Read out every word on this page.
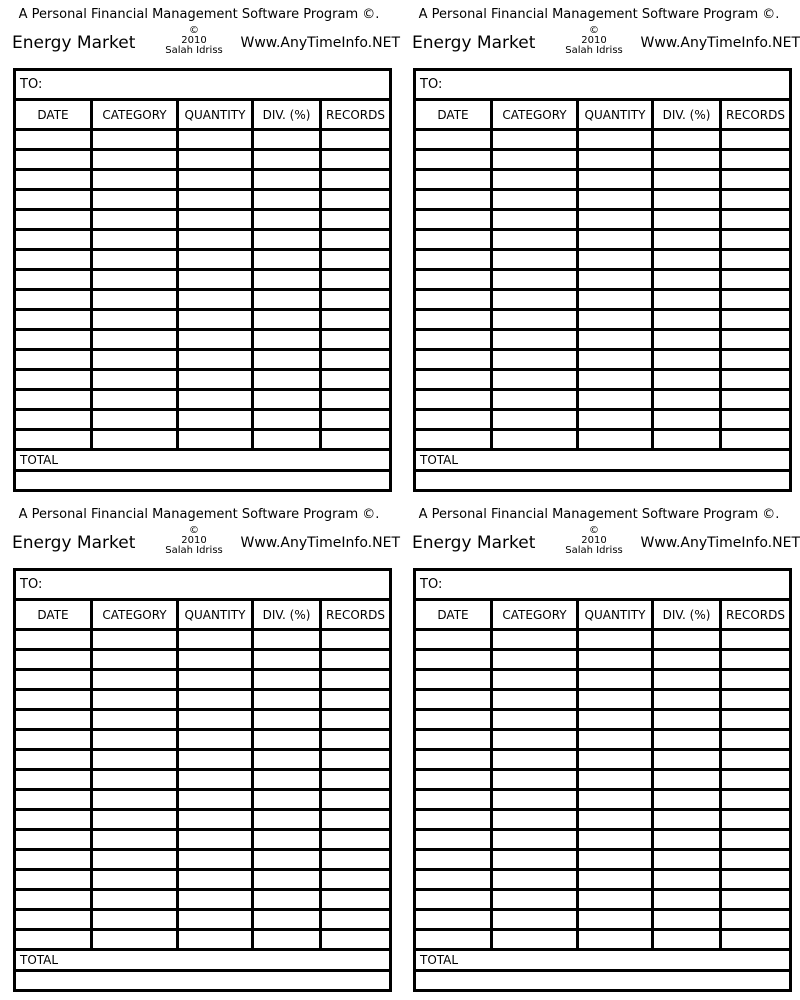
A Personal Financial Management Software Program ©.
Energy Market
©
2010
Salah Idriss	Www.AnyTimeInfo.NET
TO:				
DATE	CATEGORY	QUANTITY	DIV. (%)	RECORDS

TOTAL				

A Personal Financial Management Software Program ©.
Energy Market
©
2010
Salah Idriss	Www.AnyTimeInfo.NET
TO:				
DATE	CATEGORY	QUANTITY	DIV. (%)	RECORDS

TOTAL				

A Personal Financial Management Software Program ©.
Energy Market
©
2010
Salah Idriss	Www.AnyTimeInfo.NET
TO:				
DATE	CATEGORY	QUANTITY	DIV. (%)	RECORDS

TOTAL				

A Personal Financial Management Software Program ©.
Energy Market
©
2010
Salah Idriss	Www.AnyTimeInfo.NET
TO:				
DATE	CATEGORY	QUANTITY	DIV. (%)	RECORDS

TOTAL				
